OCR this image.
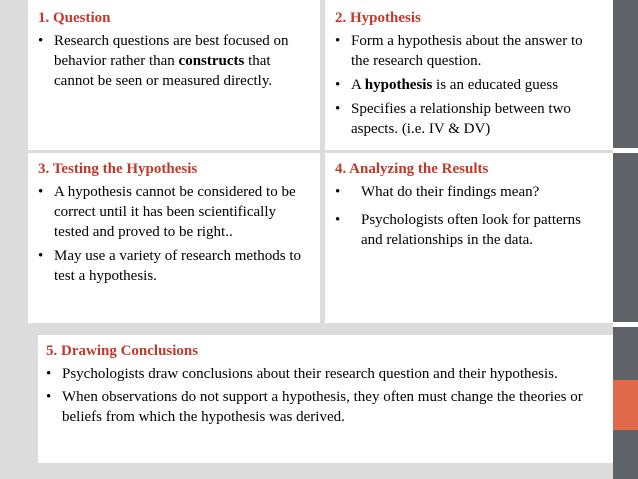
1. Question
• Research questions are best focused on behavior rather than constructs that cannot be seen or measured directly.
2. Hypothesis
• Form a hypothesis about the answer to the research question.
• A hypothesis is an educated guess
• Specifies a relationship between two aspects. (i.e. IV & DV)
3. Testing the Hypothesis
• A hypothesis cannot be considered to be correct until it has been scientifically tested and proved to be right..
• May use a variety of research methods to test a hypothesis.
4. Analyzing the Results
• What do their findings mean?
• Psychologists often look for patterns and relationships in the data.
5. Drawing Conclusions
• Psychologists draw conclusions about their research question and their hypothesis.
• When observations do not support a hypothesis, they often must change the theories or beliefs from which the hypothesis was derived.
